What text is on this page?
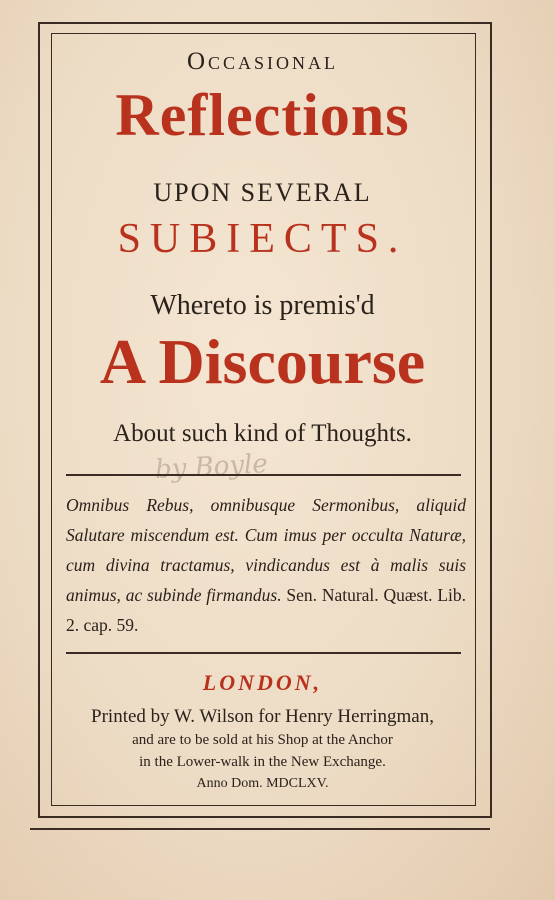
Occasional
Reflections
UPON SEVERAL
SUBIECTS.
Whereto is premis'd
A Discourse
About such kind of Thoughts.
by Boyle
Omnibus Rebus, omnibusque Sermonibus, aliquid Salutare miscendum est. Cum imus per occulta Naturæ, cum divina tractamus, vindicandus est à malis suis animus, ac subinde firmandus. Sen. Natural. Quæst. Lib. 2. cap. 59.
LONDON,
Printed by W. Wilson for Henry Herringman,
and are to be sold at his Shop at the Anchor
in the Lower-walk in the New Exchange.
Anno Dom. MDCLXV.
